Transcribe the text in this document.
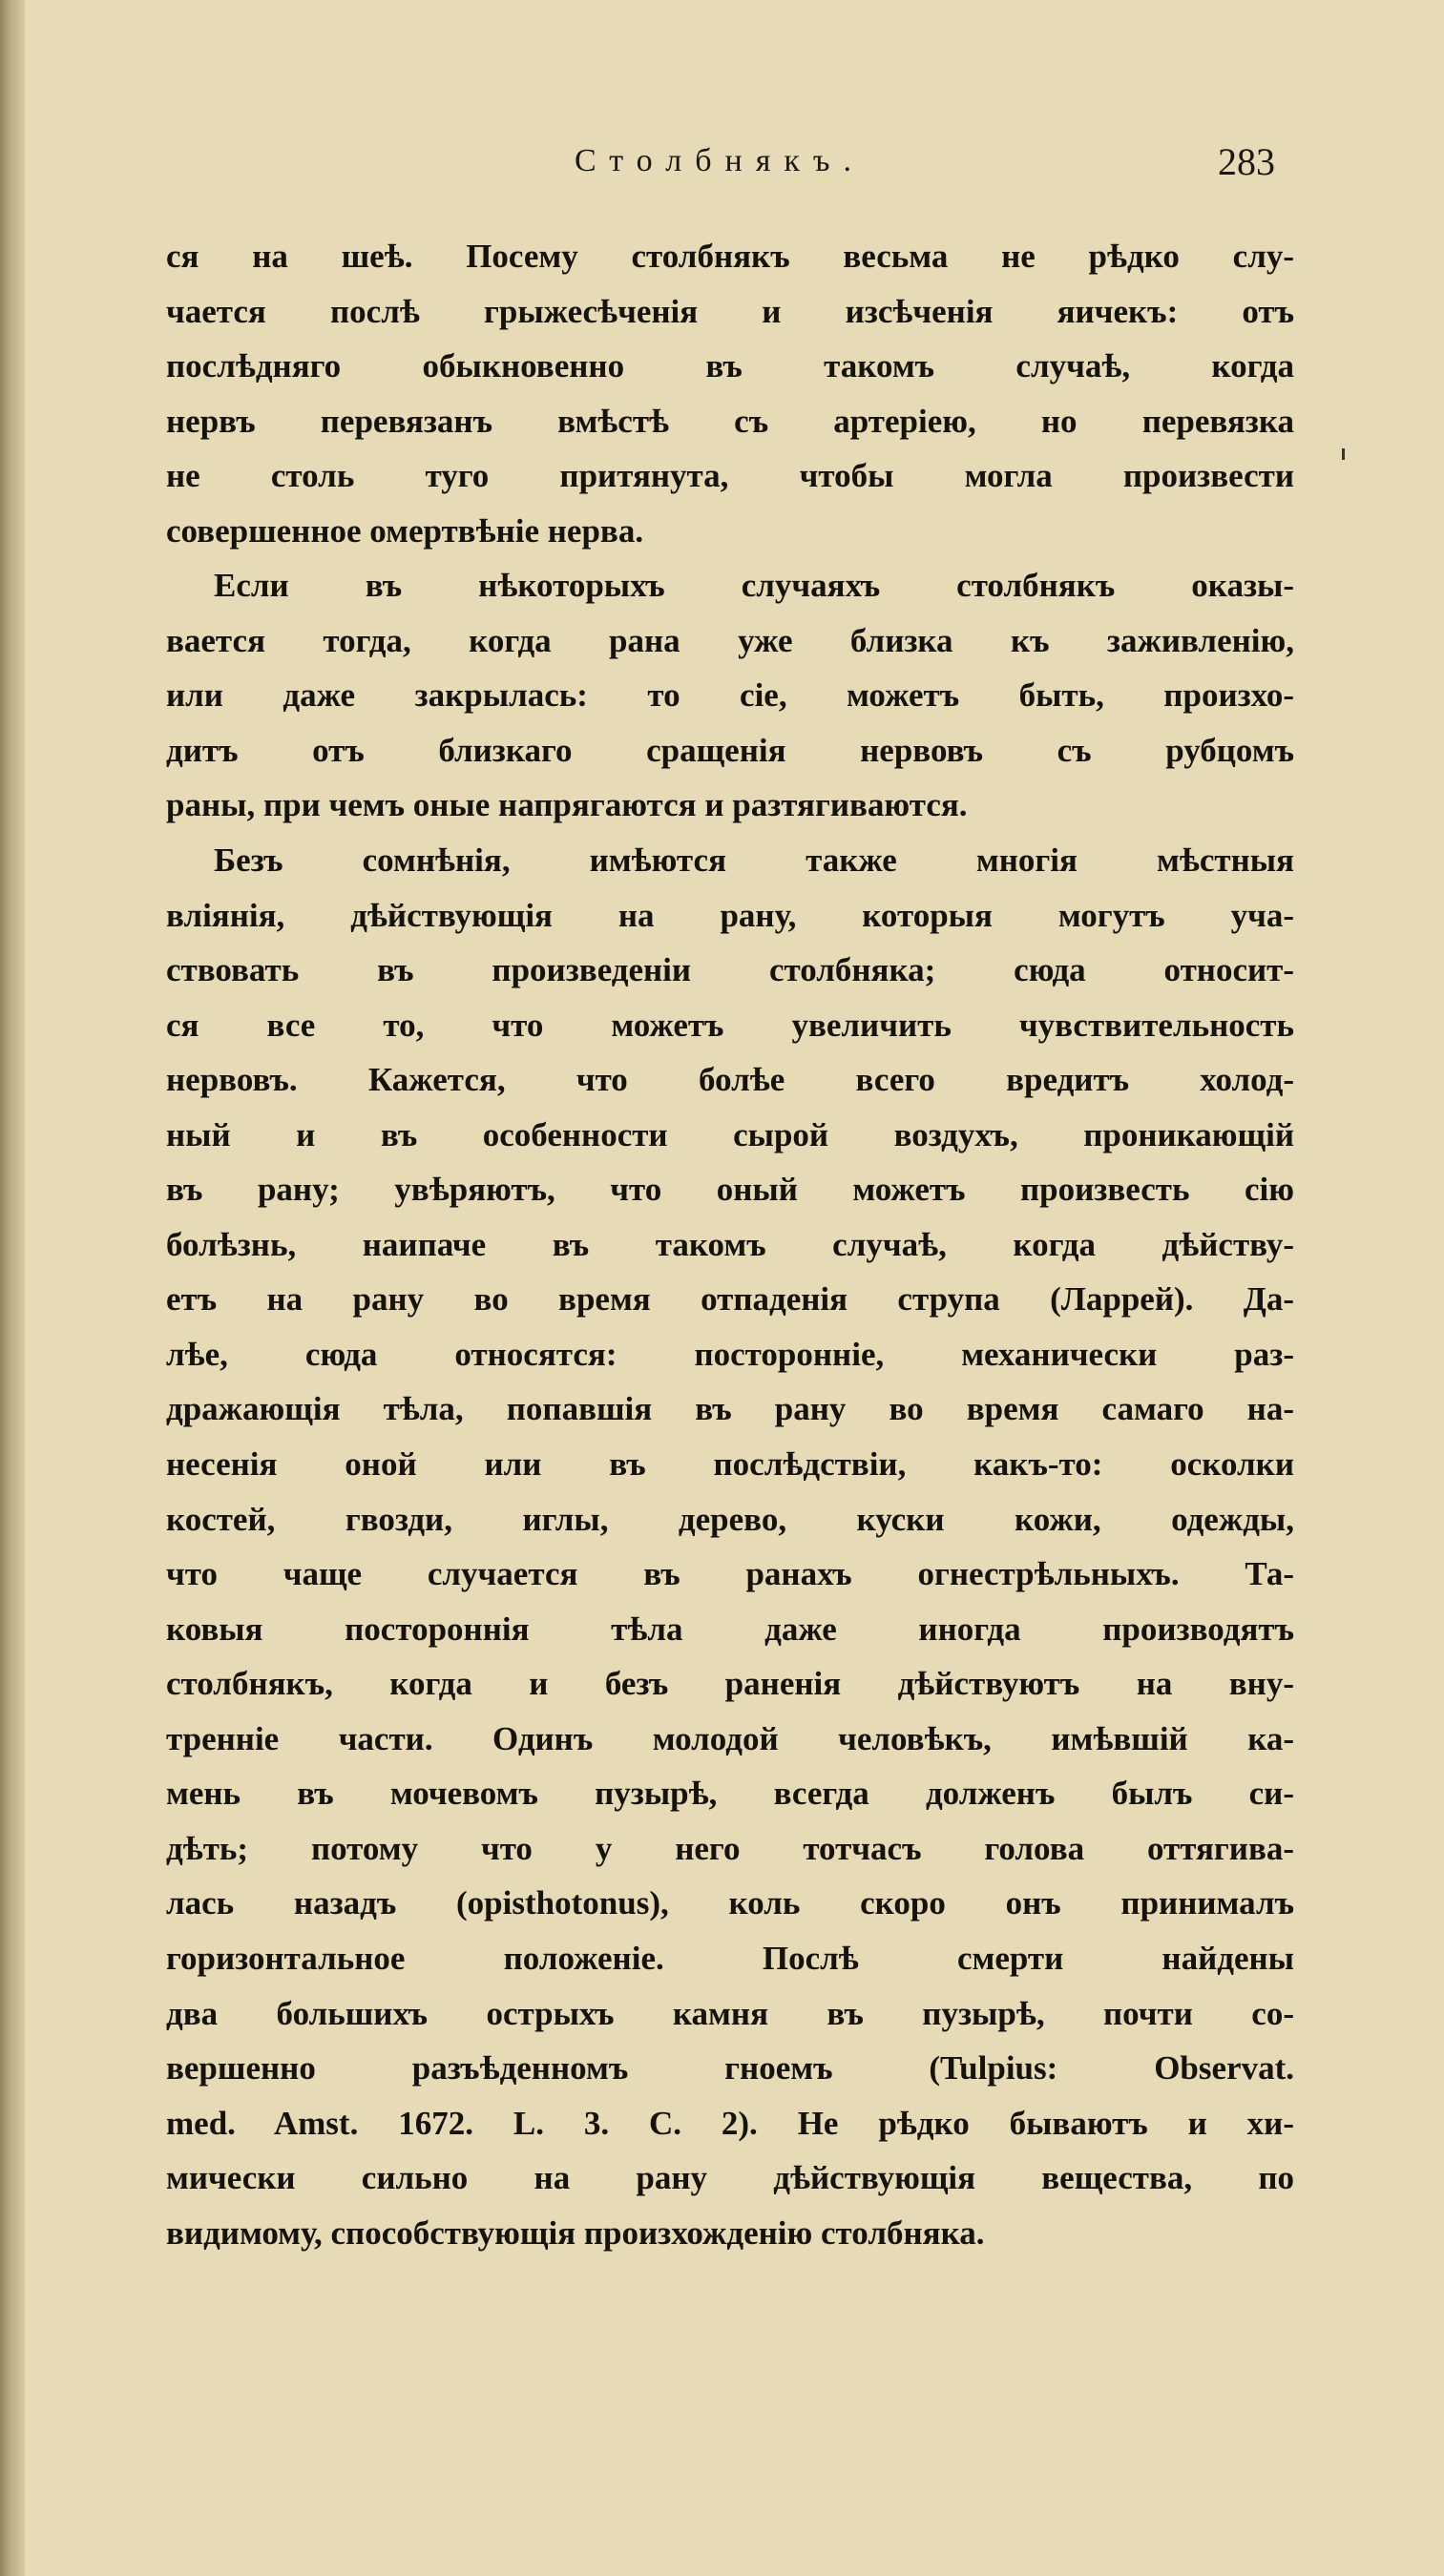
Столбнякъ.	283
ся на шеѣ. Посему столбнякъ весьма не рѣдко слу-
чается послѣ грыжесѣченія и изсѣченія яичекъ: отъ
послѣдняго обыкновенно въ такомъ случаѣ, когда
нервъ перевязанъ вмѣстѣ съ артеріею, но перевязка
не столь туго притянута, чтобы могла произвести
совершенное омертвѣніе нерва.
Если въ нѣкоторыхъ случаяхъ столбнякъ оказы-
вается тогда, когда рана уже близка къ заживленію,
или даже закрылась: то сіе, можетъ быть, произхо-
дитъ отъ близкаго сращенія нервовъ съ рубцомъ
раны, при чемъ оные напрягаются и разтягиваются.
Безъ сомнѣнія, имѣются также многія мѣстныя
вліянія, дѣйствующія на рану, которыя могутъ уча-
ствовать въ произведеніи столбняка; сюда относит-
ся все то, что можетъ увеличить чувствительность
нервовъ. Кажется, что болѣе всего вредитъ холод-
ный и въ особенности сырой воздухъ, проникающій
въ рану; увѣряютъ, что оный можетъ произвесть сію
болѣзнь, наипаче въ такомъ случаѣ, когда дѣйству-
етъ на рану во время отпаденія струпа (Ларрей). Да-
лѣе, сюда относятся: посторонніе, механически раз-
дражающія тѣла, попавшія въ рану во время самаго на-
несенія оной или въ послѣдствіи, какъ-то: осколки
костей, гвозди, иглы, дерево, куски кожи, одежды,
что чаще случается въ ранахъ огнестрѣльныхъ. Та-
ковыя постороннія тѣла даже иногда производятъ
столбнякъ, когда и безъ раненія дѣйствуютъ на вну-
тренніе части. Одинъ молодой человѣкъ, имѣвшій ка-
мень въ мочевомъ пузырѣ, всегда долженъ былъ си-
дѣть; потому что у него тотчасъ голова оттягива-
лась назадъ (opisthotonus), коль скоро онъ принималъ
горизонтальное положеніе. Послѣ смерти найдены
два большихъ острыхъ камня въ пузырѣ, почти со-
вершенно разъѣденномъ гноемъ (Tulpius: Observat.
med. Amst. 1672. L. 3. C. 2). Не рѣдко бываютъ и хи-
мически сильно на рану дѣйствующія вещества, по
видимому, способствующія произхожденію столбняка.
